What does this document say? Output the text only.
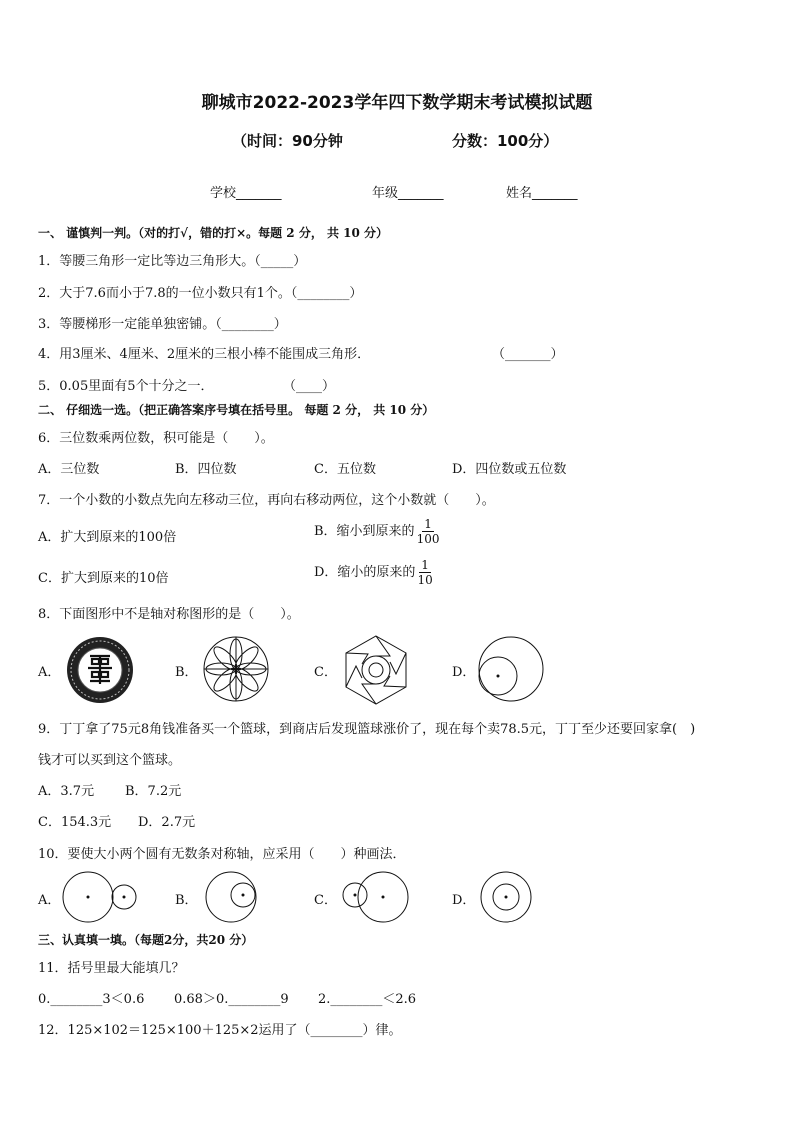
聊城市2022-2023学年四下数学期末考试模拟试题
（时间：90分钟	分数：100分）
学校_______	年级_______	姓名_______
一、 谨慎判一判。（对的打√，错的打×。每题 2 分， 共 10 分）
1．等腰三角形一定比等边三角形大。（_____）
2．大于7.6而小于7.8的一位小数只有1个。（________）
3．等腰梯形一定能单独密铺。（________）
4．用3厘米、4厘米、2厘米的三根小棒不能围成三角形．	（_______）
5．0.05里面有5个十分之一．	（____）
二、 仔细选一选。（把正确答案序号填在括号里。 每题 2 分， 共 10 分）
6．三位数乘两位数，积可能是（　　）。
A．三位数	B．四位数	C．五位数	D．四位数或五位数
7．一个小数的小数点先向左移动三位，再向右移动两位，这个小数就（　　）。
A．扩大到原来的100倍	B．缩小到原来的 $\frac{1}{100}$
C．扩大到原来的10倍	D．缩小的原来的 $\frac{1}{10}$
8．下面图形中不是轴对称图形的是（　　）。
A．	B．	C．	D．
9．丁丁拿了75元8角钱准备买一个篮球，到商店后发现篮球涨价了，现在每个卖78.5元，丁丁至少还要回家拿(　)
钱才可以买到这个篮球。
A．3.7元 B．7.2元
C．154.3元 D．2.7元
10．要使大小两个圆有无数条对称轴，应采用（　　）种画法．
A．	B．	C．	D．
三、认真填一填。（每题2分，共20 分）
11．括号里最大能填几？
0.________3＜0.6 0.68＞0.________9 2.________＜2.6
12．125×102＝125×100＋125×2运用了（________）律。
